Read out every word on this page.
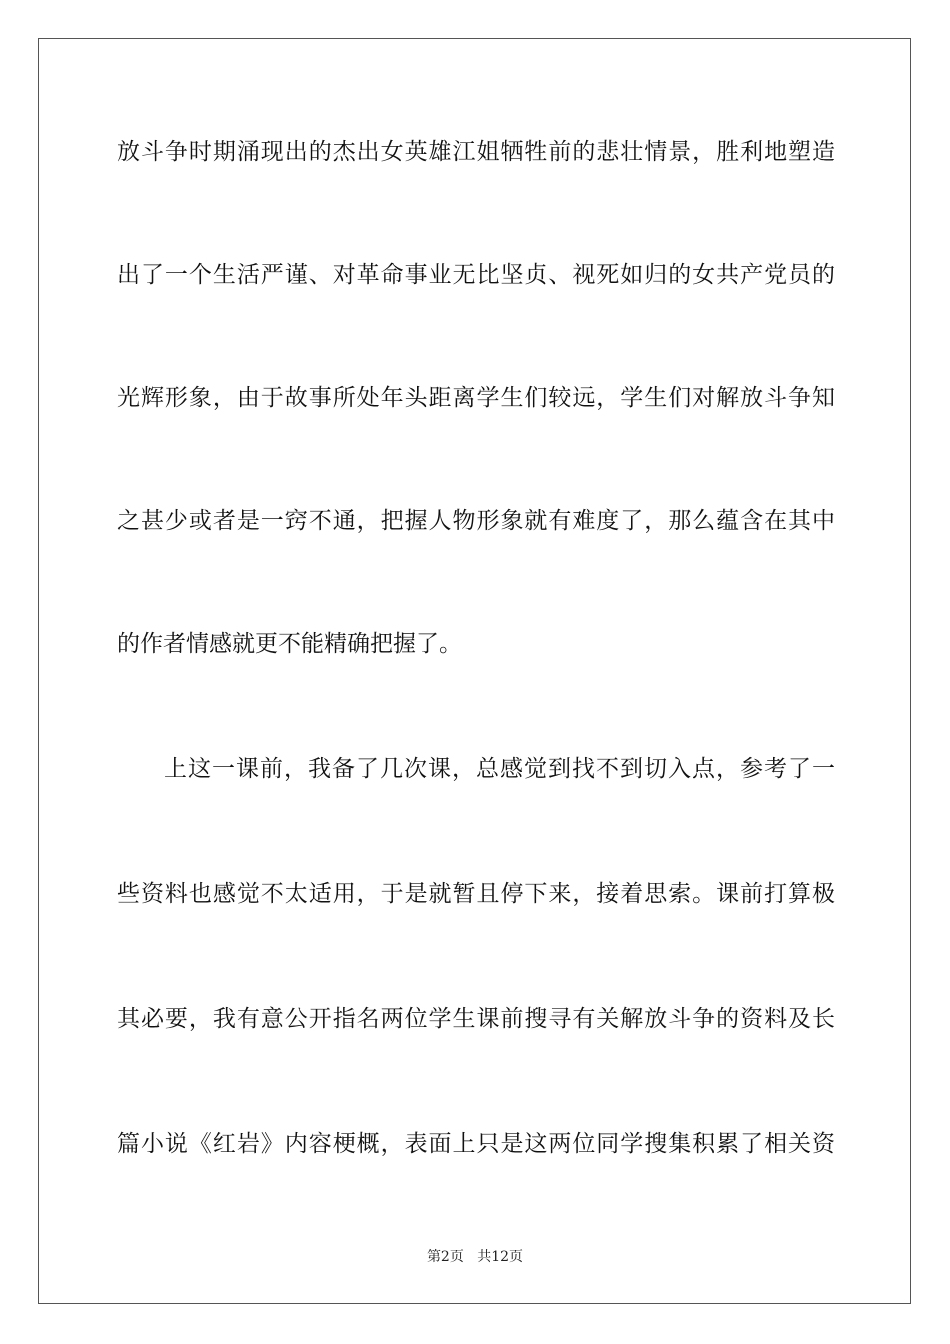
放斗争时期涌现出的杰出女英雄江姐牺牲前的悲壮情景，胜利地塑造
出了一个生活严谨、对革命事业无比坚贞、视死如归的女共产党员的
光辉形象，由于故事所处年头距离学生们较远，学生们对解放斗争知
之甚少或者是一窍不通，把握人物形象就有难度了，那么蕴含在其中
的作者情感就更不能精确把握了。
上这一课前，我备了几次课，总感觉到找不到切入点，参考了一
些资料也感觉不太适用，于是就暂且停下来，接着思索。课前打算极
其必要，我有意公开指名两位学生课前搜寻有关解放斗争的资料及长
篇小说《红岩》内容梗概，表面上只是这两位同学搜集积累了相关资
第2页 共12页
